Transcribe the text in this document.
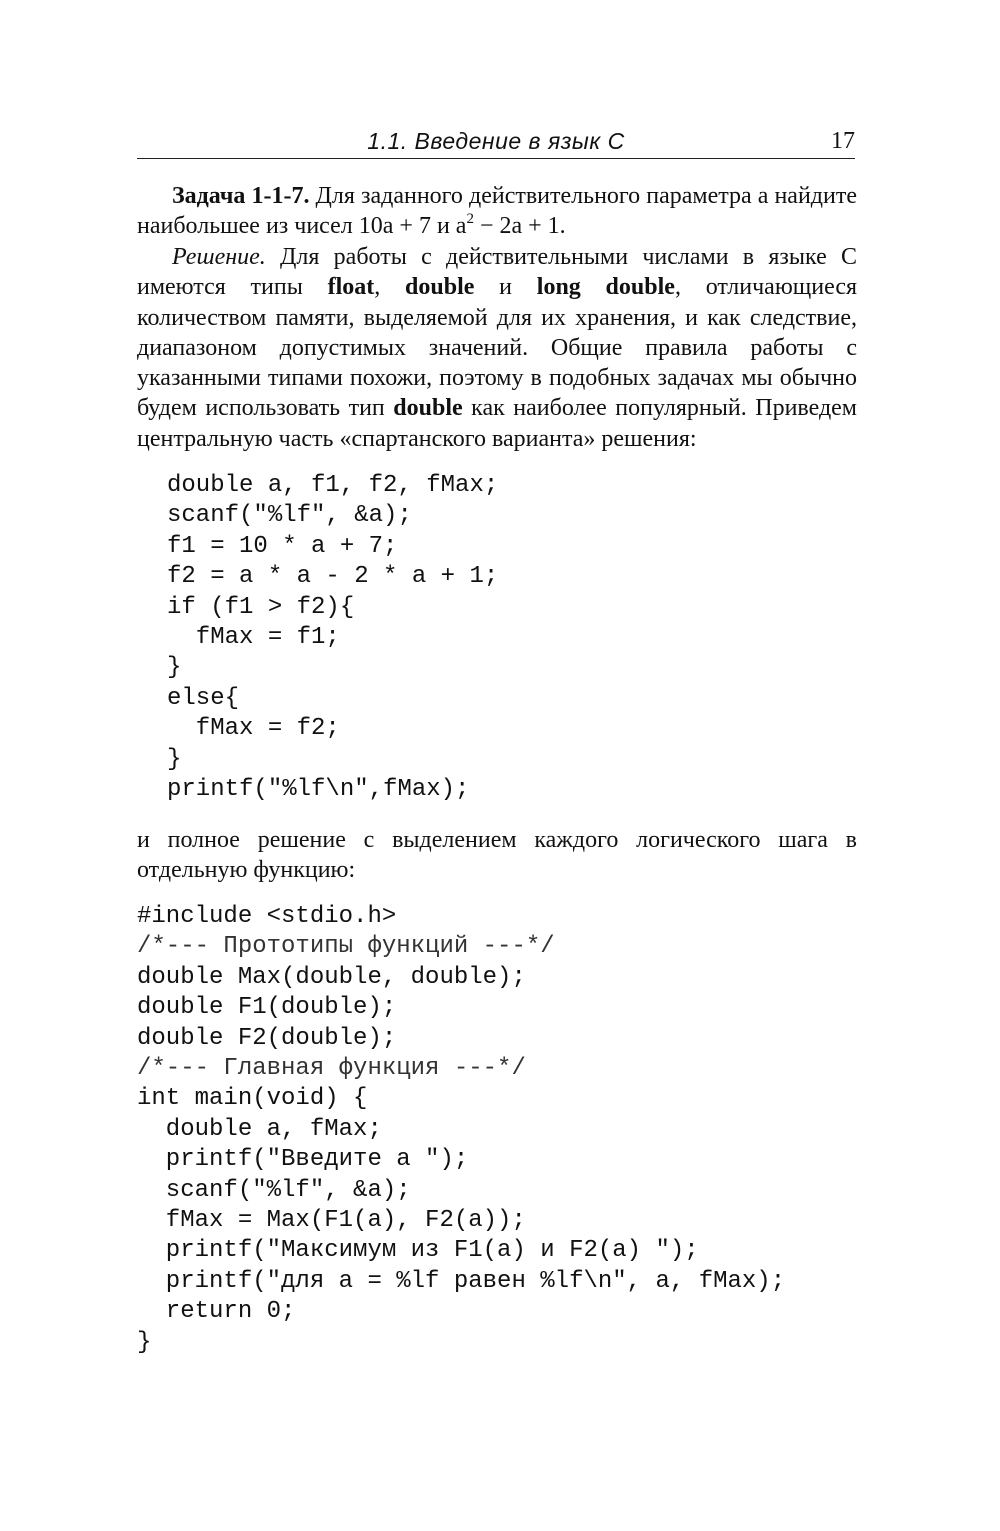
1.1. Введение в язык C	17
Задача 1-1-7. Для заданного действительного параметра a найдите наибольшее из чисел 10a + 7 и $a^2 - 2a + 1$.
Решение. Для работы с действительными числами в языке C имеются типы float, double и long double, отличающиеся количеством памяти, выделяемой для их хранения, и как следствие, диапазоном допустимых значений. Общие правила работы с указанными типами похожи, поэтому в подобных задачах мы обычно будем использовать тип double как наиболее популярный. Приведем центральную часть «спартанского варианта» решения:
double a, f1, f2, fMax;
scanf("%lf", &a);
f1 = 10 * a + 7;
f2 = a * a - 2 * a + 1;
if (f1 > f2){
fMax = f1;
}
else{
fMax = f2;
}
printf("%lf\n",fMax);
и полное решение с выделением каждого логического шага в отдельную функцию:
#include <stdio.h>
/*--- Прототипы функций ---*/
double Max(double, double);
double F1(double);
double F2(double);
/*--- Главная функция ---*/
int main(void) {
double a, fMax;
printf("Введите a ");
scanf("%lf", &a);
fMax = Max(F1(a), F2(a));
printf("Максимум из F1(a) и F2(a) ");
printf("для a = %lf равен %lf\n", a, fMax);
return 0;
}
